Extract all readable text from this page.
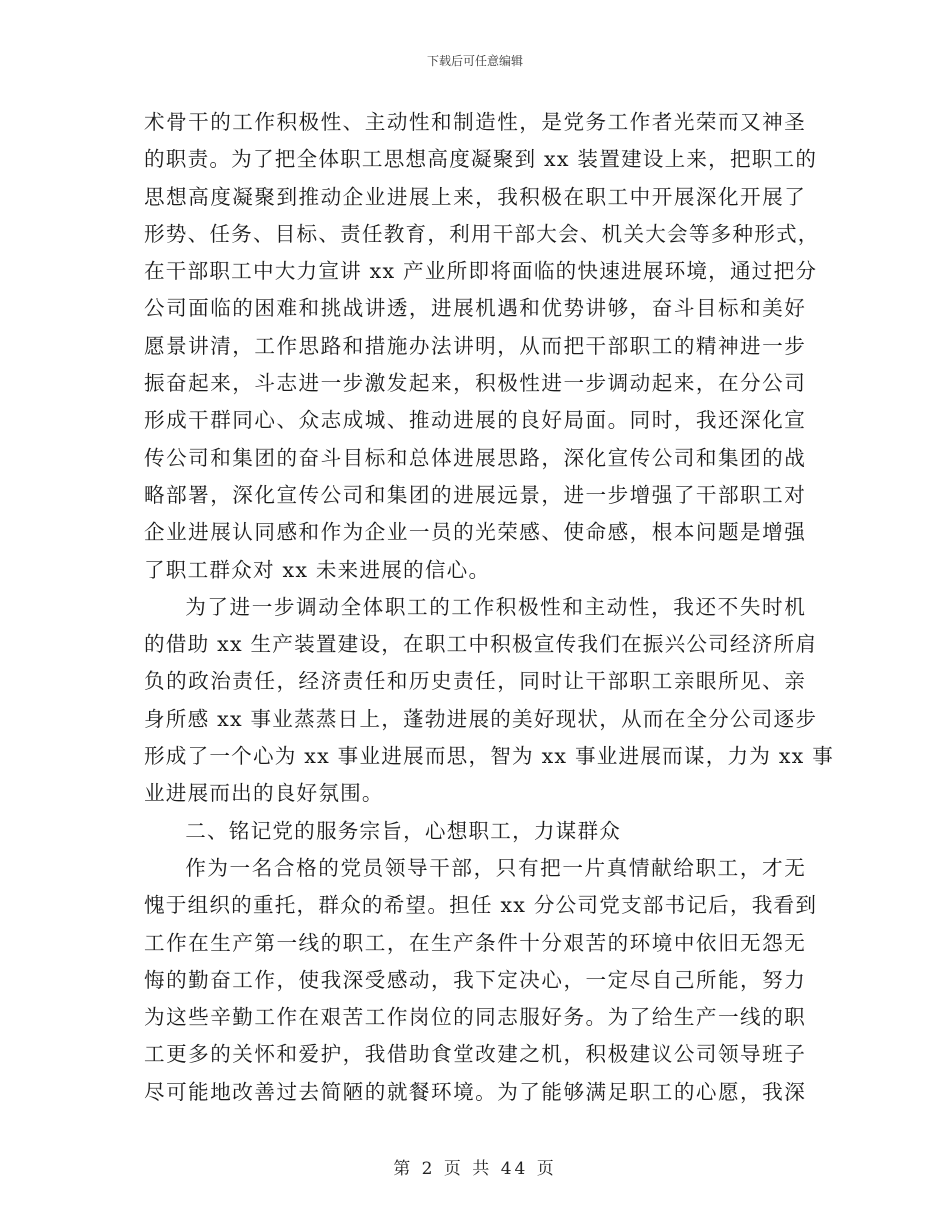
下载后可任意编辑
术骨干的工作积极性、主动性和制造性，是党务工作者光荣而又神圣
的职责。为了把全体职工思想高度凝聚到 xx 装置建设上来，把职工的
思想高度凝聚到推动企业进展上来，我积极在职工中开展深化开展了
形势、任务、目标、责任教育，利用干部大会、机关大会等多种形式，
在干部职工中大力宣讲 xx 产业所即将面临的快速进展环境，通过把分
公司面临的困难和挑战讲透，进展机遇和优势讲够，奋斗目标和美好
愿景讲清，工作思路和措施办法讲明，从而把干部职工的精神进一步
振奋起来，斗志进一步激发起来，积极性进一步调动起来，在分公司
形成干群同心、众志成城、推动进展的良好局面。同时，我还深化宣
传公司和集团的奋斗目标和总体进展思路，深化宣传公司和集团的战
略部署，深化宣传公司和集团的进展远景，进一步增强了干部职工对
企业进展认同感和作为企业一员的光荣感、使命感，根本问题是增强
了职工群众对 xx 未来进展的信心。
为了进一步调动全体职工的工作积极性和主动性，我还不失时机
的借助 xx 生产装置建设，在职工中积极宣传我们在振兴公司经济所肩
负的政治责任，经济责任和历史责任，同时让干部职工亲眼所见、亲
身所感 xx 事业蒸蒸日上，蓬勃进展的美好现状，从而在全分公司逐步
形成了一个心为 xx 事业进展而思，智为 xx 事业进展而谋，力为 xx 事
业进展而出的良好氛围。
二、铭记党的服务宗旨，心想职工，力谋群众
作为一名合格的党员领导干部，只有把一片真情献给职工，才无
愧于组织的重托，群众的希望。担任 xx 分公司党支部书记后，我看到
工作在生产第一线的职工，在生产条件十分艰苦的环境中依旧无怨无
悔的勤奋工作，使我深受感动，我下定决心，一定尽自己所能，努力
为这些辛勤工作在艰苦工作岗位的同志服好务。为了给生产一线的职
工更多的关怀和爱护，我借助食堂改建之机，积极建议公司领导班子
尽可能地改善过去简陋的就餐环境。为了能够满足职工的心愿，我深
第 2 页 共 44 页
